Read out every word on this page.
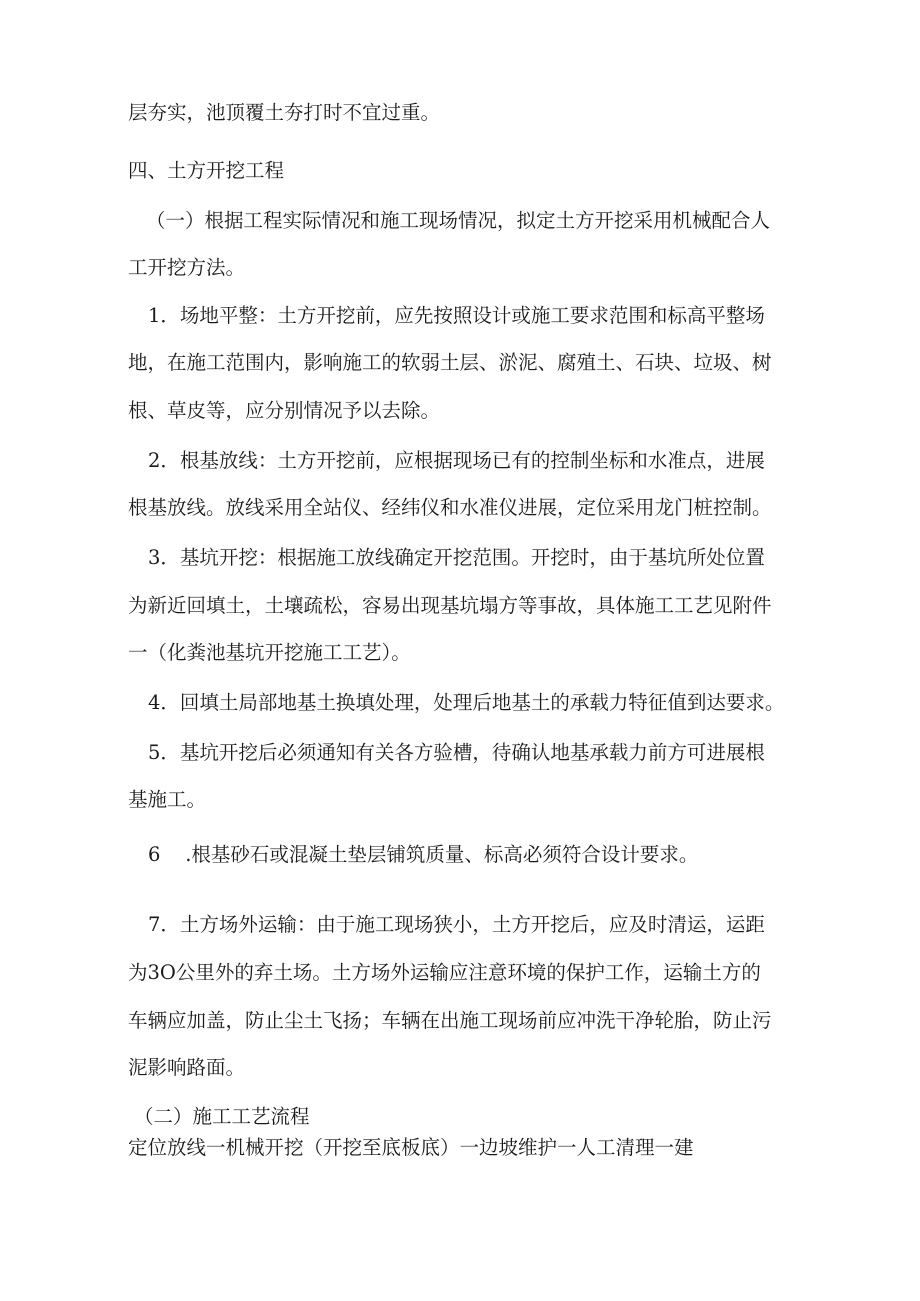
层夯实，池顶覆土夯打时不宜过重。
四、土方开挖工程
（一）根据工程实际情况和施工现场情况，拟定土方开挖采用机械配合人
工开挖方法。
1．场地平整：土方开挖前，应先按照设计或施工要求范围和标高平整场
地，在施工范围内，影响施工的软弱土层、淤泥、腐殖土、石块、垃圾、树
根、草皮等，应分别情况予以去除。
2．根基放线：土方开挖前，应根据现场已有的控制坐标和水准点，进展
根基放线。放线采用全站仪、经纬仪和水准仪进展，定位采用龙门桩控制。
3．基坑开挖：根据施工放线确定开挖范围。开挖时，由于基坑所处位置
为新近回填土，土壤疏松，容易出现基坑塌方等事故，具体施工工艺见附件
一（化粪池基坑开挖施工工艺）。
4．回填土局部地基土换填处理，处理后地基土的承载力特征值到达要求。
5．基坑开挖后必须通知有关各方验槽，待确认地基承载力前方可进展根
基施工。
6    .根基砂石或混凝土垫层铺筑质量、标高必须符合设计要求。
7．土方场外运输：由于施工现场狭小，土方开挖后，应及时清运，运距
为3O公里外的弃土场。土方场外运输应注意环境的保护工作，运输土方的
车辆应加盖，防止尘土飞扬；车辆在出施工现场前应冲洗干净轮胎，防止污
泥影响路面。
（二）施工工艺流程
定位放线一机械开挖（开挖至底板底）一边坡维护一人工清理一建
